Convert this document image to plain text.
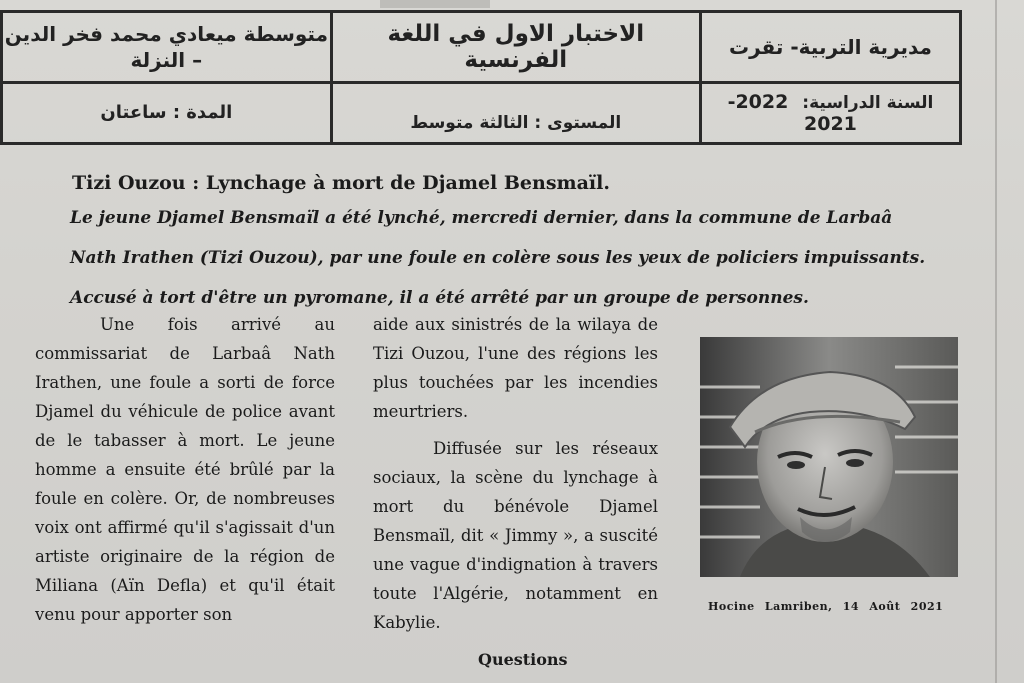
متوسطة ميعادي محمد فخر الدين – النزلة	الاختبار الاول في اللغة الفرنسية	مديرية التربية- تقرت
المدة : ساعتان	المستوى : الثالثة متوسط	السنة الدراسية: 2022-2021
Tizi Ouzou : Lynchage à mort de Djamel Bensmaïl.

Le jeune Djamel Bensmaïl a été lynché, mercredi dernier, dans la commune de Larbaâ Nath Irathen (Tizi Ouzou), par une foule en colère sous les yeux de policiers impuissants. Accusé à tort d'être un pyromane, il a été arrêté par un groupe de personnes.

Une fois arrivé au commissariat de Larbaâ Nath Irathen, une foule a sorti de force Djamel du véhicule de police avant de le tabasser à mort. Le jeune homme a ensuite été brûlé par la foule en colère. Or, de nombreuses voix ont affirmé qu'il s'agissait d'un artiste originaire de la région de Miliana (Aïn Defla) et qu'il était venu pour apporter son

aide aux sinistrés de la wilaya de Tizi Ouzou, l'une des régions les plus touchées par les incendies meurtriers.

Diffusée sur les réseaux sociaux, la scène du lynchage à mort du bénévole Djamel Bensmaïl, dit « Jimmy », a suscité une vague d'indignation à travers toute l'Algérie, notamment en Kabylie.

Hocine Lamriben, 14 Août 2021
Questions
